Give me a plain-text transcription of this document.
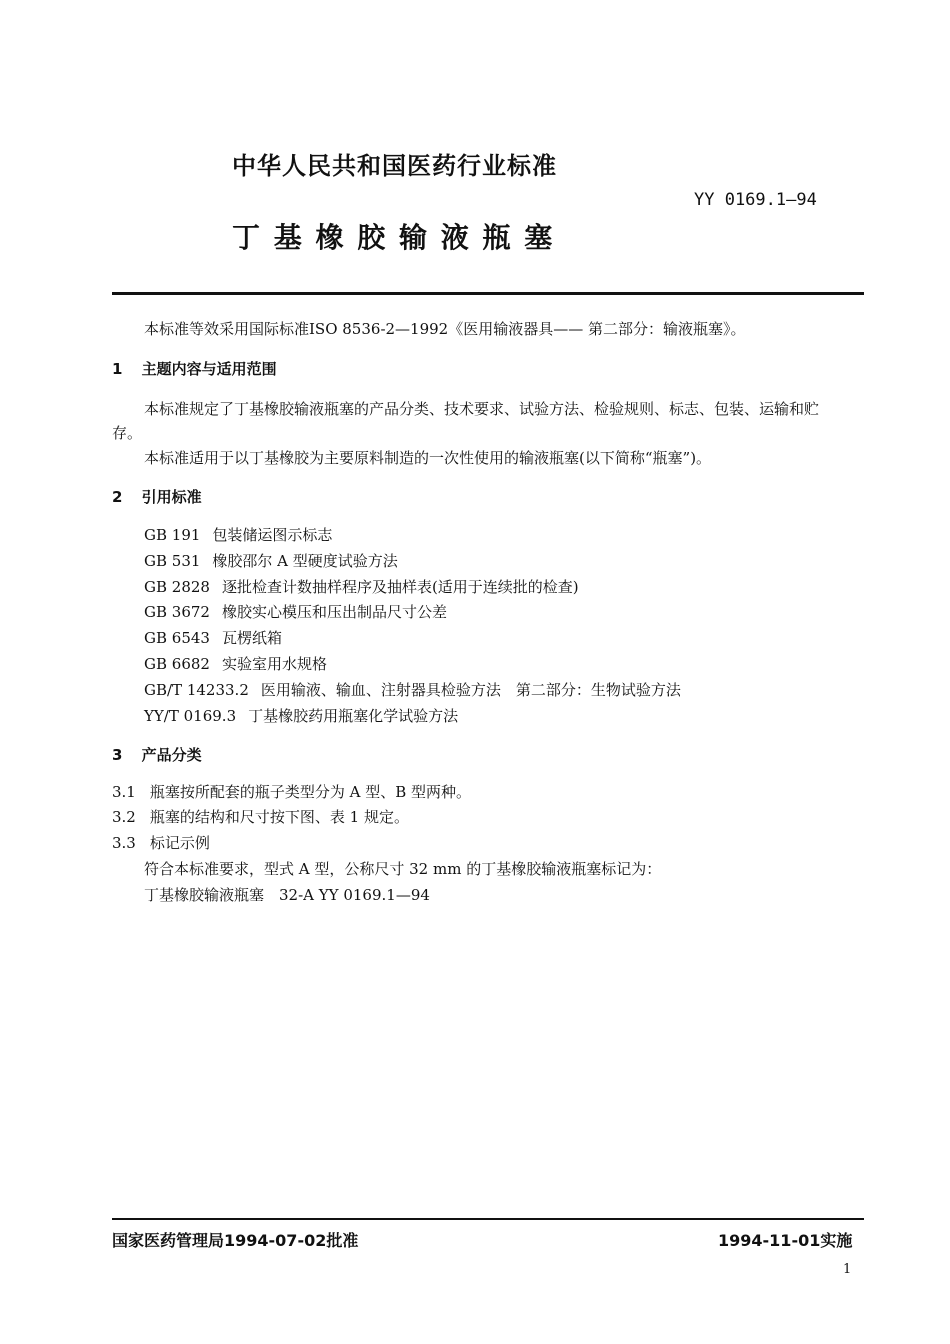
中华人民共和国医药行业标准
YY 0169.1—94
丁 基 橡 胶 输 液 瓶 塞
本标准等效采用国际标准ISO 8536-2—1992《医用输液器具—— 第二部分：输液瓶塞》。
1 主题内容与适用范围
本标准规定了丁基橡胶输液瓶塞的产品分类、技术要求、试验方法、检验规则、标志、包装、运输和贮
存。
本标准适用于以丁基橡胶为主要原料制造的一次性使用的输液瓶塞(以下简称“瓶塞”)。
2 引用标准
GB 191 包装储运图示标志
GB 531 橡胶邵尔 A 型硬度试验方法
GB 2828 逐批检查计数抽样程序及抽样表(适用于连续批的检查)
GB 3672 橡胶实心模压和压出制品尺寸公差
GB 6543 瓦楞纸箱
GB 6682 实验室用水规格
GB/T 14233.2 医用输液、输血、注射器具检验方法　第二部分：生物试验方法
YY/T 0169.3 丁基橡胶药用瓶塞化学试验方法
3 产品分类
3.1 瓶塞按所配套的瓶子类型分为 A 型、B 型两种。
3.2 瓶塞的结构和尺寸按下图、表 1 规定。
3.3 标记示例
符合本标准要求，型式 A 型，公称尺寸 32 mm 的丁基橡胶输液瓶塞标记为：
丁基橡胶输液瓶塞　32-A YY 0169.1—94
国家医药管理局1994-07-02批准	1994-11-01实施
1
